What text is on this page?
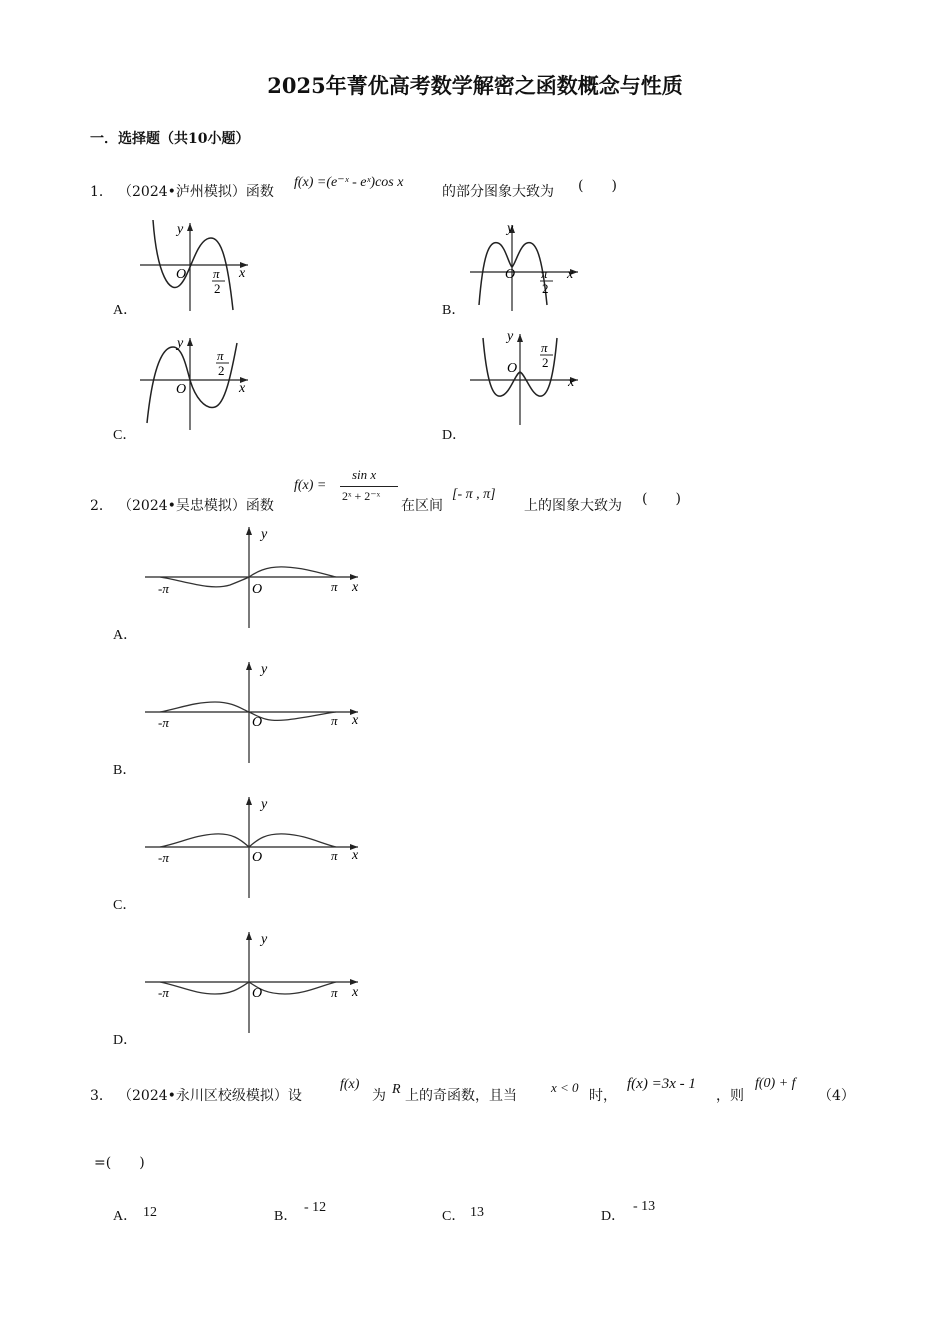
2025年菁优高考数学解密之函数概念与性质
一．选择题（共10小题）
1． （2024•泸州模拟）函数
f(x) =(e⁻ˣ - eˣ)cos x
的部分图象大致为 (　　)
y
x
O π
2
A．
y
x
O π
2
B．
y
x
O
π
2
C．
y
x
O
π
2
D．
2． （2024•吴忠模拟）函数
f(x) =
sin x
2ˣ + 2⁻ˣ
在区间
[- π , π]
上的图象大致为 (　　)
y
x
O
-π	π
A．
y
x
O
-π	π
B．
y
x
O
-π	π
C．
y
x
O
-π	π
D．
3． （2024•永川区校级模拟）设
f(x)
为 R 上的奇函数，且当
x < 0
时，
f(x) =3x - 1
，则
f(0) + f
（4）
=(　　)
A． 12	B．
- 12
C． 13	D．
- 13
